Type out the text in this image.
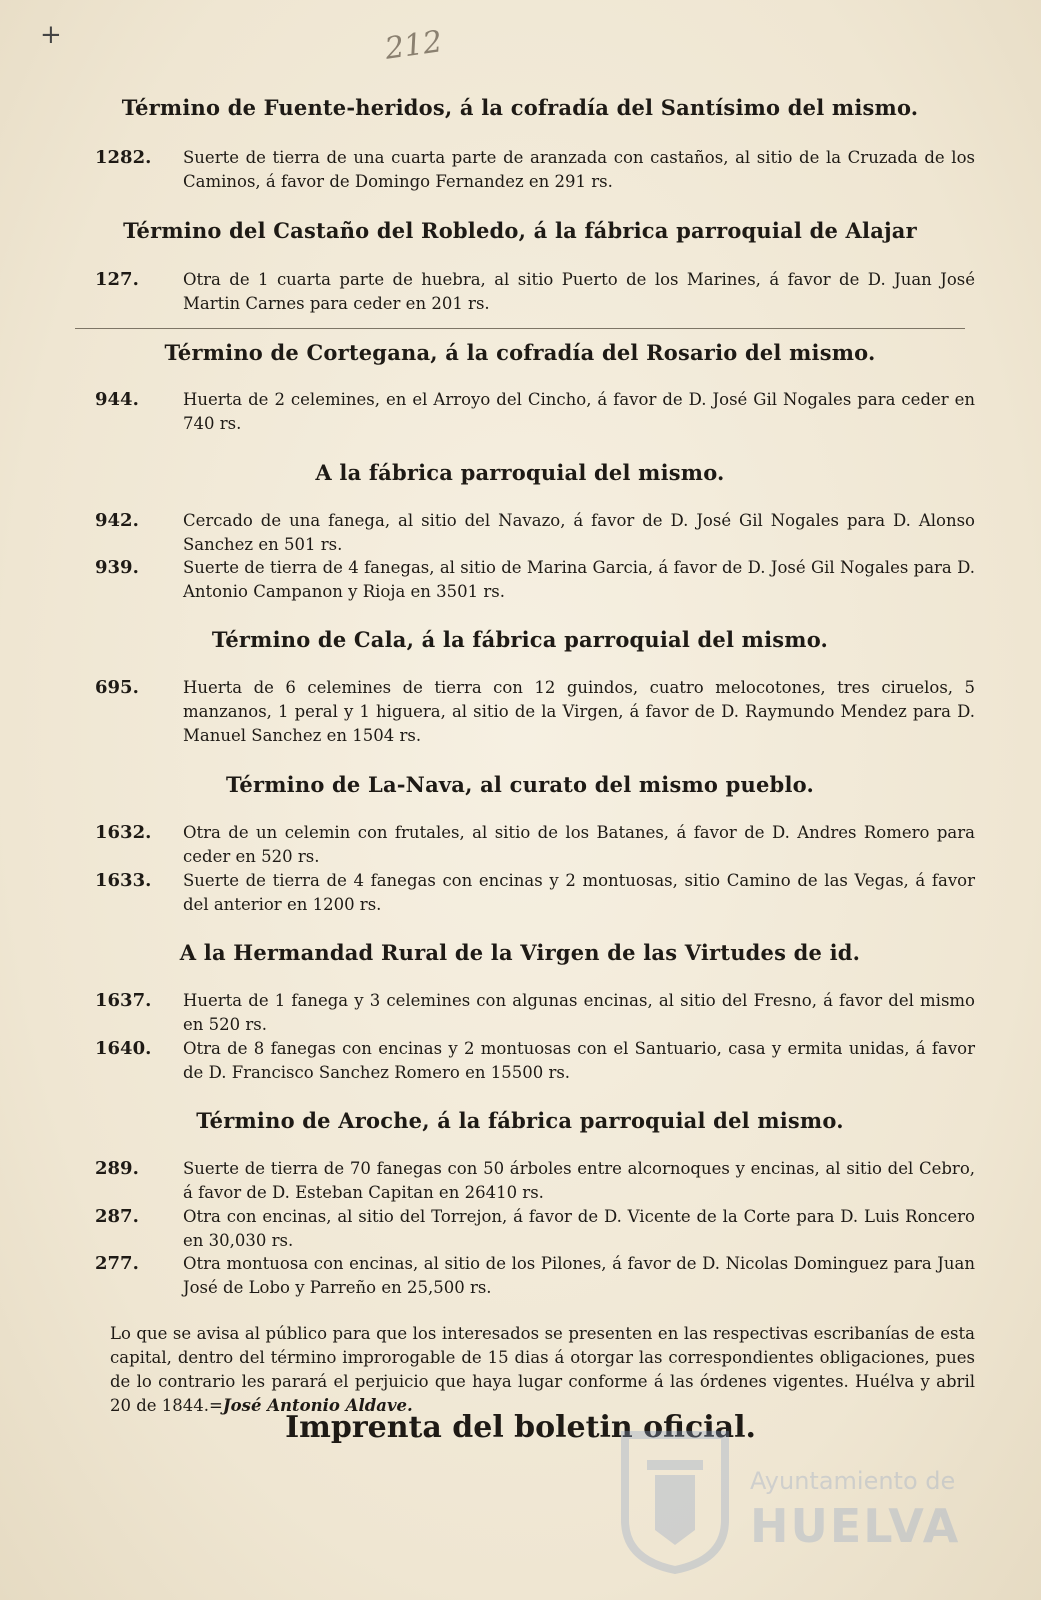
+	212
Término de Fuente-heridos, á la cofradía del Santísimo del mismo.
1282.	Suerte de tierra de una cuarta parte de aranzada con castaños, al sitio de la Cruzada de los Caminos, á favor de Domingo Fernandez en 291 rs.
Término del Castaño del Robledo, á la fábrica parroquial de Alajar
127.	Otra de 1 cuarta parte de huebra, al sitio Puerto de los Marines, á favor de D. Juan José Martin Carnes para ceder en 201 rs.
Término de Cortegana, á la cofradía del Rosario del mismo.
944.	Huerta de 2 celemines, en el Arroyo del Cincho, á favor de D. José Gil Nogales para ceder en 740 rs.
A la fábrica parroquial del mismo.
942.	Cercado de una fanega, al sitio del Navazo, á favor de D. José Gil Nogales para D. Alonso Sanchez en 501 rs.
939.	Suerte de tierra de 4 fanegas, al sitio de Marina Garcia, á favor de D. José Gil Nogales para D. Antonio Campanon y Rioja en 3501 rs.
Término de Cala, á la fábrica parroquial del mismo.
695.	Huerta de 6 celemines de tierra con 12 guindos, cuatro melocotones, tres ciruelos, 5 manzanos, 1 peral y 1 higuera, al sitio de la Virgen, á favor de D. Raymundo Mendez para D. Manuel Sanchez en 1504 rs.
Término de La-Nava, al curato del mismo pueblo.
1632.	Otra de un celemin con frutales, al sitio de los Batanes, á favor de D. Andres Romero para ceder en 520 rs.
1633.	Suerte de tierra de 4 fanegas con encinas y 2 montuosas, sitio Camino de las Vegas, á favor del anterior en 1200 rs.
A la Hermandad Rural de la Virgen de las Virtudes de id.
1637.	Huerta de 1 fanega y 3 celemines con algunas encinas, al sitio del Fresno, á favor del mismo en 520 rs.
1640.	Otra de 8 fanegas con encinas y 2 montuosas con el Santuario, casa y ermita unidas, á favor de D. Francisco Sanchez Romero en 15500 rs.
Término de Aroche, á la fábrica parroquial del mismo.
289.	Suerte de tierra de 70 fanegas con 50 árboles entre alcornoques y encinas, al sitio del Cebro, á favor de D. Esteban Capitan en 26410 rs.
287.	Otra con encinas, al sitio del Torrejon, á favor de D. Vicente de la Corte para D. Luis Roncero en 30,030 rs.
277.	Otra montuosa con encinas, al sitio de los Pilones, á favor de D. Nicolas Dominguez para Juan José de Lobo y Parreño en 25,500 rs.
Lo que se avisa al público para que los interesados se presenten en las respectivas escribanías de esta capital, dentro del término improrogable de 15 dias á otorgar las correspondientes obligaciones, pues de lo contrario les parará el perjuicio que haya lugar conforme á las órdenes vigentes. Huélva y abril 20 de 1844.=José Antonio Aldave.
Imprenta del boletin oficial.
Ayuntamiento de
HUELVA
